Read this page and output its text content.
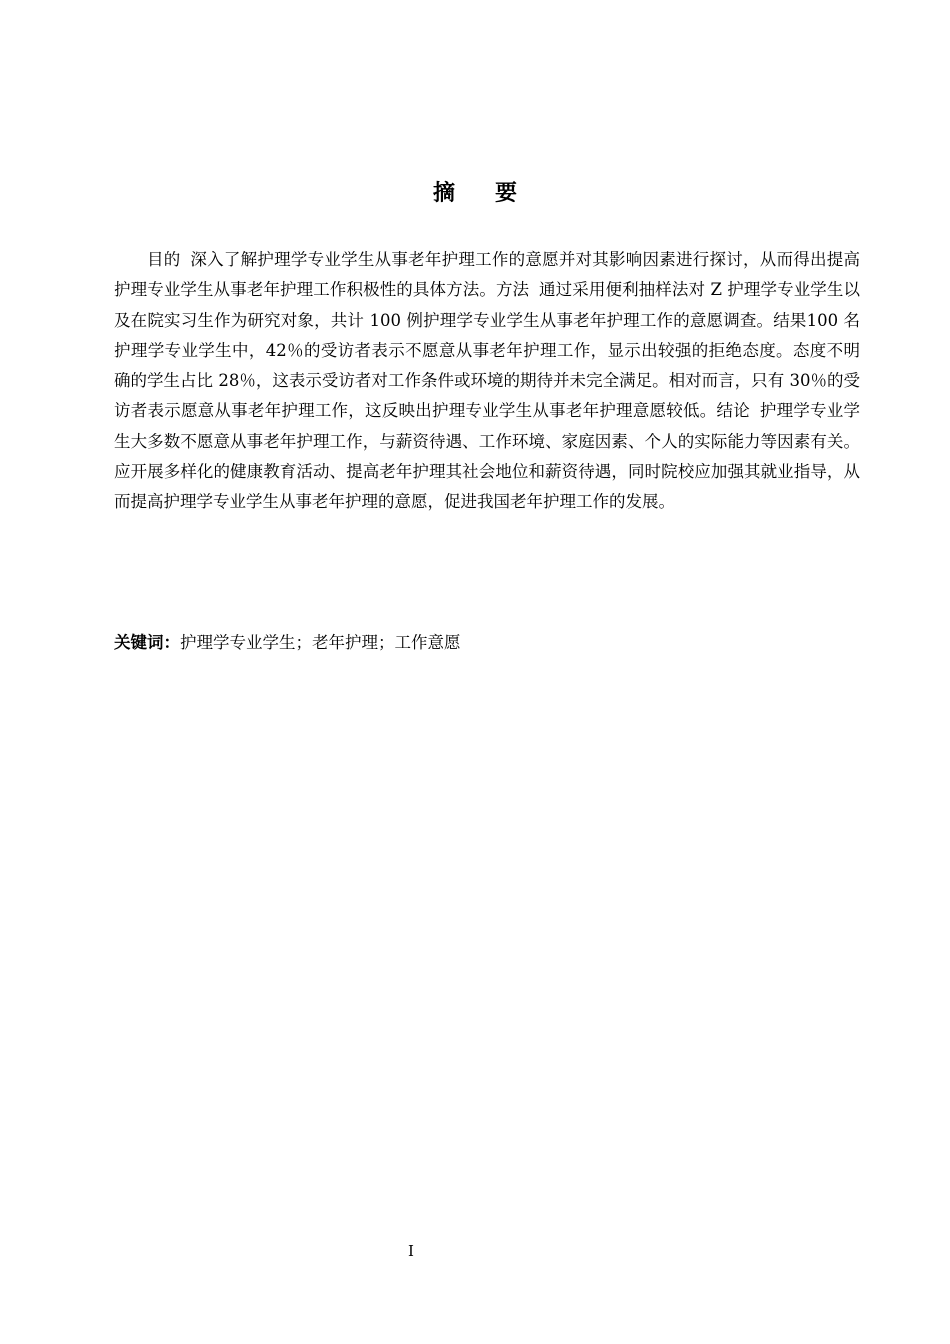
摘 要

目的 深入了解护理学专业学生从事老年护理工作的意愿并对其影响因素进行探讨，从而得出提高护理专业学生从事老年护理工作积极性的具体方法。方法 通过采用便利抽样法对 Z 护理学专业学生以及在院实习生作为研究对象，共计 100 例护理学专业学生从事老年护理工作的意愿调查。结果100 名护理学专业学生中，42％的受访者表示不愿意从事老年护理工作，显示出较强的拒绝态度。态度不明确的学生占比 28％，这表示受访者对工作条件或环境的期待并未完全满足。相对而言，只有 30％的受访者表示愿意从事老年护理工作，这反映出护理专业学生从事老年护理意愿较低。结论 护理学专业学生大多数不愿意从事老年护理工作，与薪资待遇、工作环境、家庭因素、个人的实际能力等因素有关。应开展多样化的健康教育活动、提高老年护理其社会地位和薪资待遇，同时院校应加强其就业指导，从而提高护理学专业学生从事老年护理的意愿，促进我国老年护理工作的发展。

关键词：护理学专业学生；老年护理；工作意愿

I
